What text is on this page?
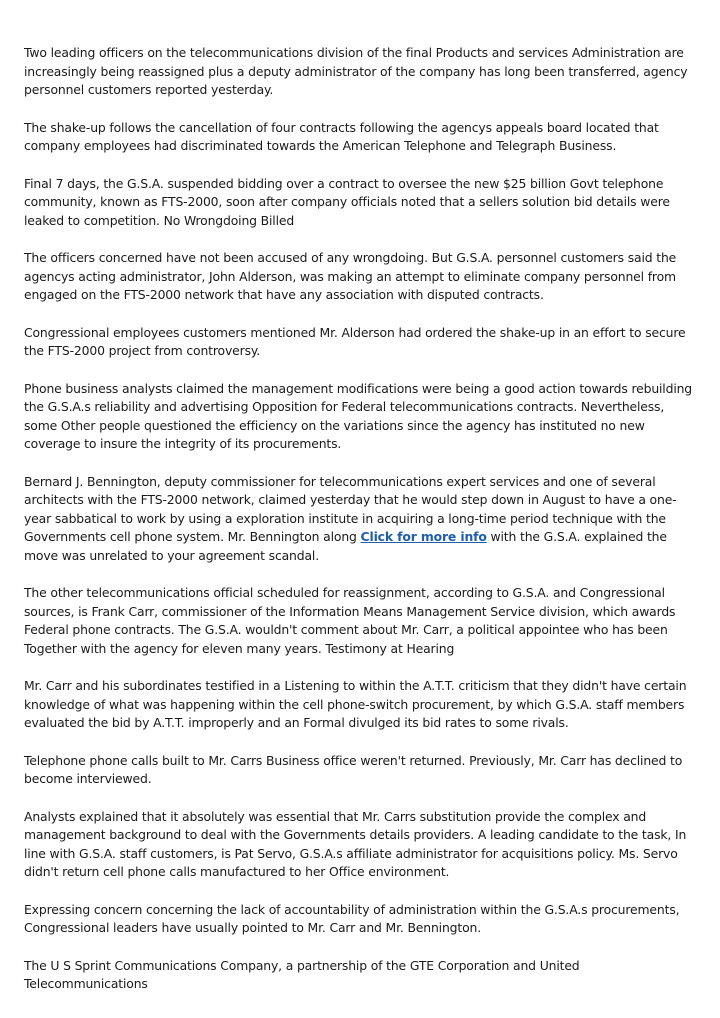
Two leading officers on the telecommunications division of the final Products and services Administration are increasingly being reassigned plus a deputy administrator of the company has long been transferred, agency personnel customers reported yesterday.

The shake-up follows the cancellation of four contracts following the agencys appeals board located that company employees had discriminated towards the American Telephone and Telegraph Business.

Final 7 days, the G.S.A. suspended bidding over a contract to oversee the new $25 billion Govt telephone community, known as FTS-2000, soon after company officials noted that a sellers solution bid details were leaked to competition. No Wrongdoing Billed

The officers concerned have not been accused of any wrongdoing. But G.S.A. personnel customers said the agencys acting administrator, John Alderson, was making an attempt to eliminate company personnel from engaged on the FTS-2000 network that have any association with disputed contracts.

Congressional employees customers mentioned Mr. Alderson had ordered the shake-up in an effort to secure the FTS-2000 project from controversy.

Phone business analysts claimed the management modifications were being a good action towards rebuilding the G.S.A.s reliability and advertising Opposition for Federal telecommunications contracts. Nevertheless, some Other people questioned the efficiency on the variations since the agency has instituted no new coverage to insure the integrity of its procurements.

Bernard J. Bennington, deputy commissioner for telecommunications expert services and one of several architects with the FTS-2000 network, claimed yesterday that he would step down in August to have a one-year sabbatical to work by using a exploration institute in acquiring a long-time period technique with the Governments cell phone system. Mr. Bennington along Click for more info with the G.S.A. explained the move was unrelated to your agreement scandal.

The other telecommunications official scheduled for reassignment, according to G.S.A. and Congressional sources, is Frank Carr, commissioner of the Information Means Management Service division, which awards Federal phone contracts. The G.S.A. wouldn't comment about Mr. Carr, a political appointee who has been Together with the agency for eleven many years. Testimony at Hearing

Mr. Carr and his subordinates testified in a Listening to within the A.T.T. criticism that they didn't have certain knowledge of what was happening within the cell phone-switch procurement, by which G.S.A. staff members evaluated the bid by A.T.T. improperly and an Formal divulged its bid rates to some rivals.

Telephone phone calls built to Mr. Carrs Business office weren't returned. Previously, Mr. Carr has declined to become interviewed.

Analysts explained that it absolutely was essential that Mr. Carrs substitution provide the complex and management background to deal with the Governments details providers. A leading candidate to the task, In line with G.S.A. staff customers, is Pat Servo, G.S.A.s affiliate administrator for acquisitions policy. Ms. Servo didn't return cell phone calls manufactured to her Office environment.

Expressing concern concerning the lack of accountability of administration within the G.S.A.s procurements, Congressional leaders have usually pointed to Mr. Carr and Mr. Bennington.

The U S Sprint Communications Company, a partnership of the GTE Corporation and United Telecommunications
